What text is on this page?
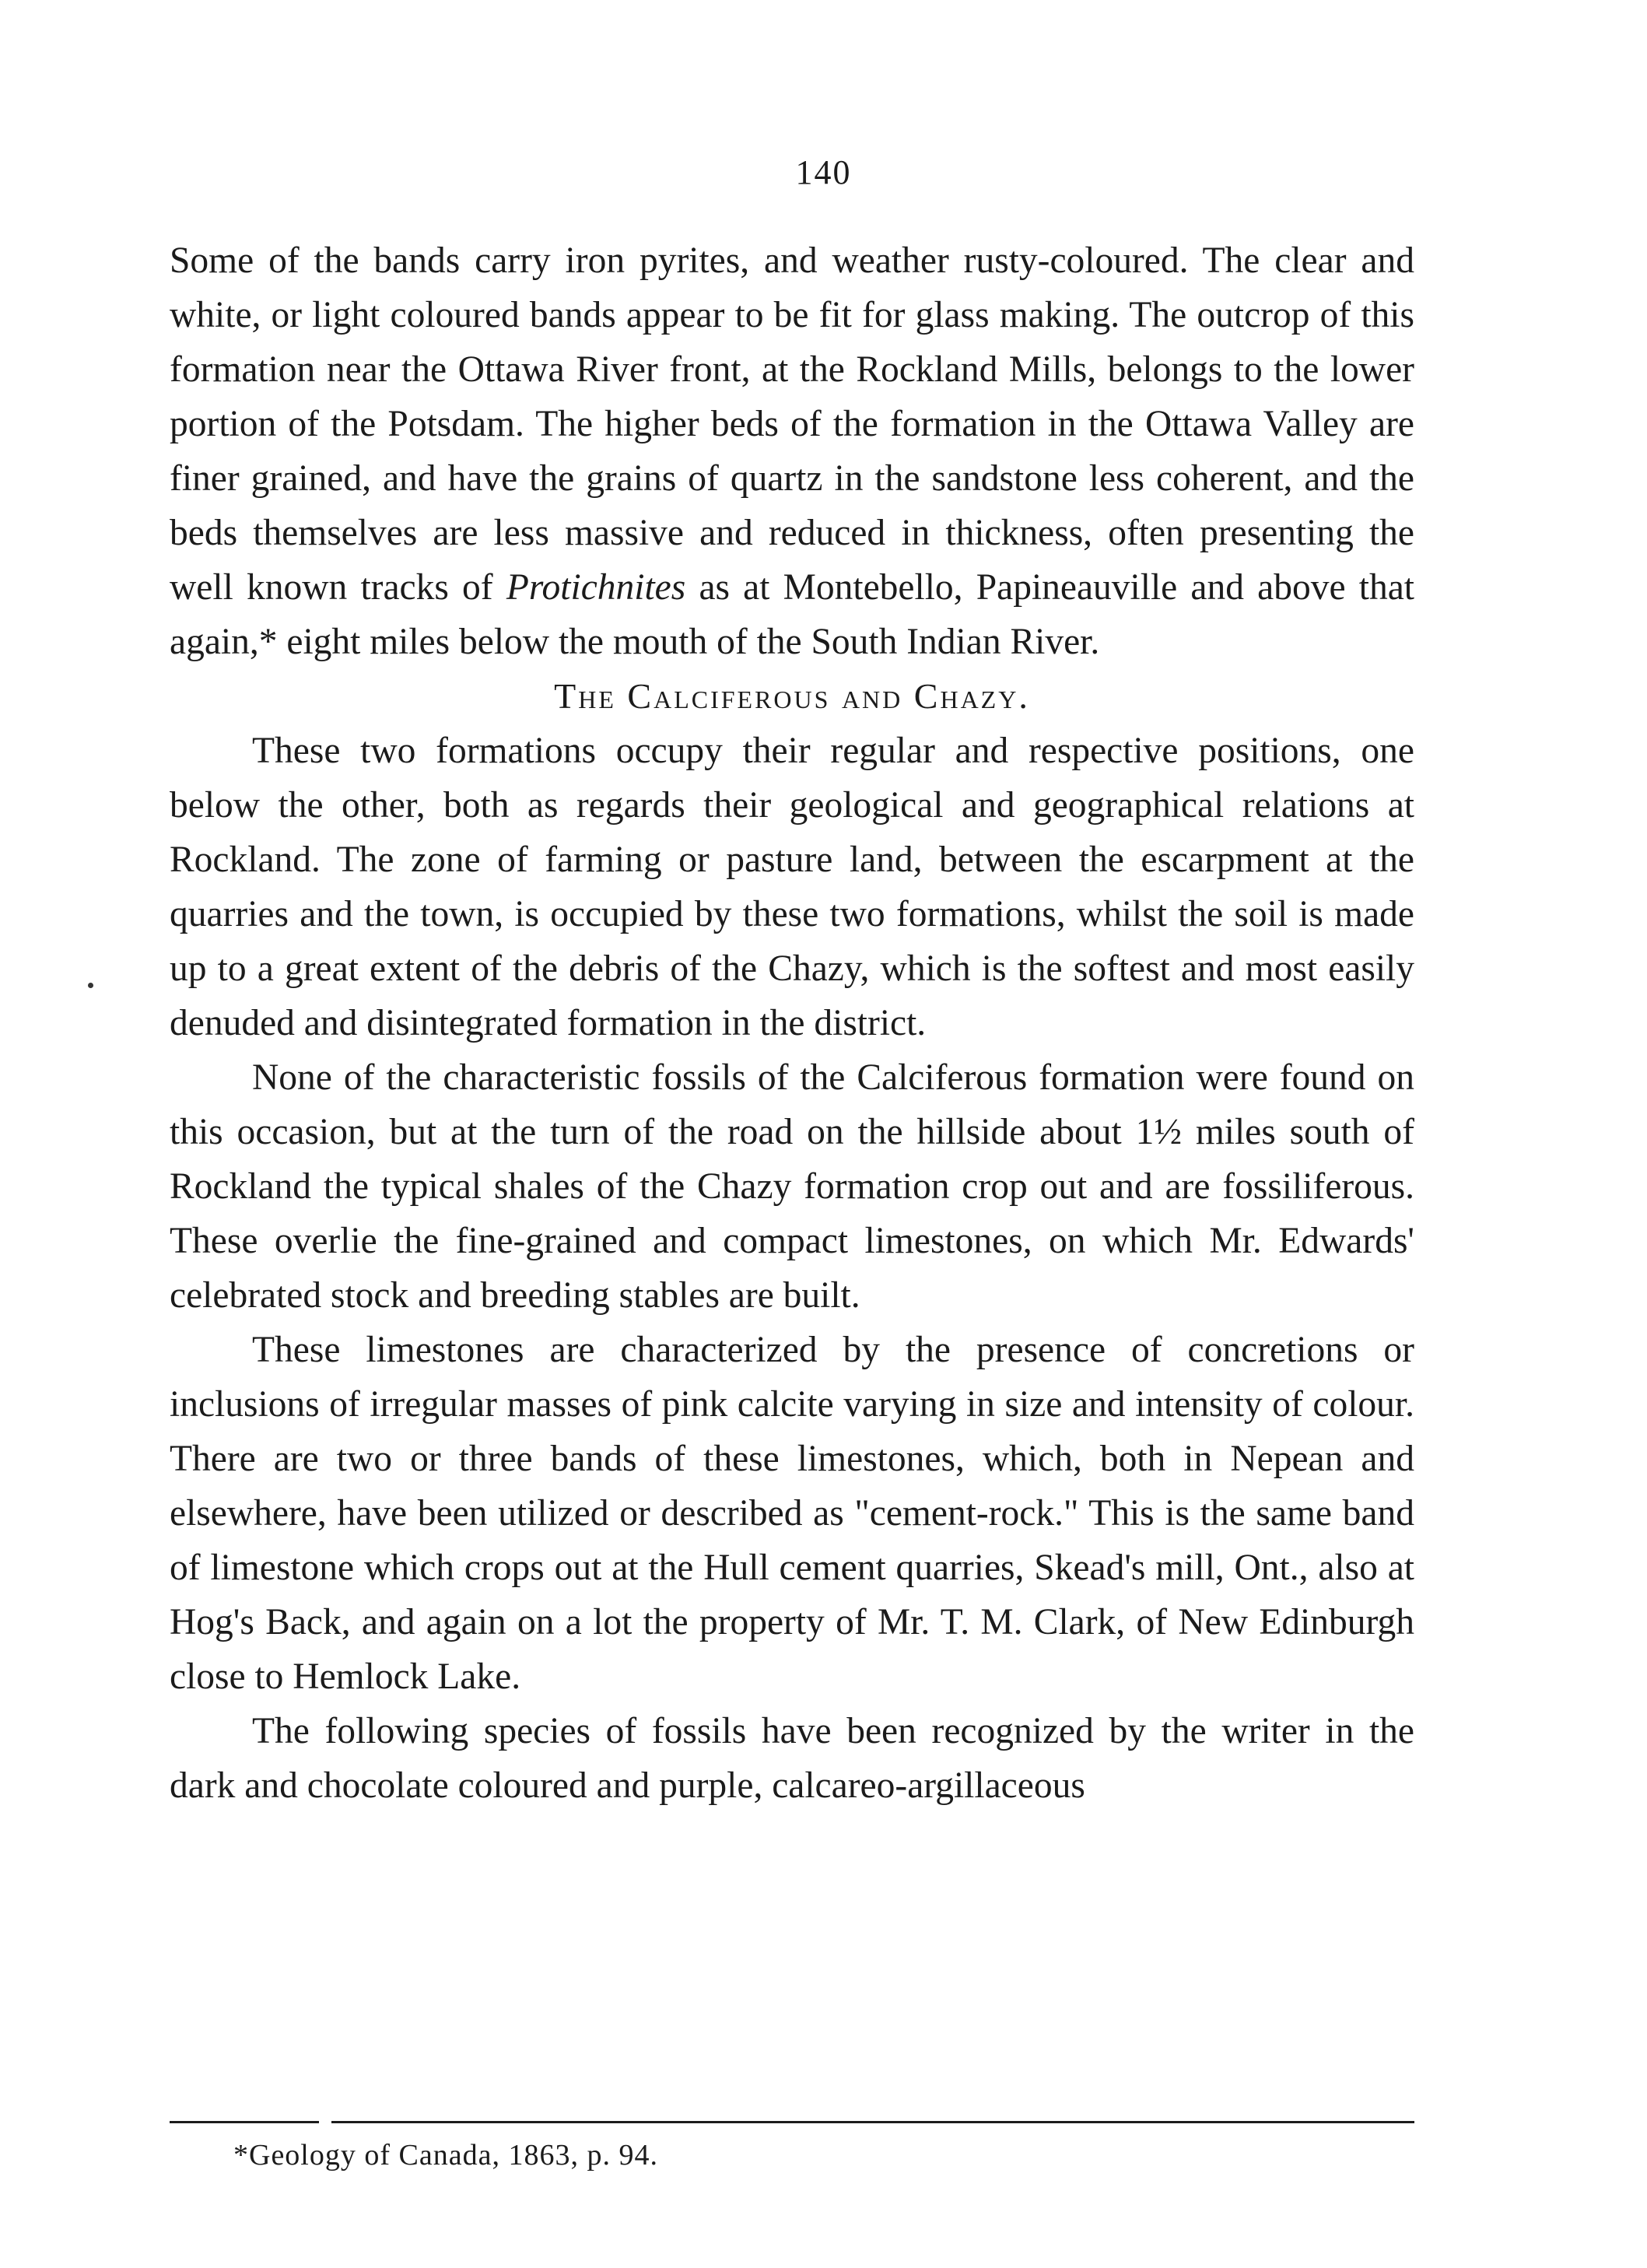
140

Some of the bands carry iron pyrites, and weather rusty-coloured. The clear and white, or light coloured bands appear to be fit for glass making. The outcrop of this formation near the Ottawa River front, at the Rockland Mills, belongs to the lower portion of the Potsdam. The higher beds of the formation in the Ottawa Valley are finer grained, and have the grains of quartz in the sandstone less coherent, and the beds themselves are less massive and reduced in thickness, often presenting the well known tracks of Protichnites as at Montebello, Papineauville and above that again,* eight miles below the mouth of the South Indian River.

The Calciferous and Chazy.

These two formations occupy their regular and respective positions, one below the other, both as regards their geological and geographical relations at Rockland. The zone of farming or pasture land, between the escarpment at the quarries and the town, is occupied by these two formations, whilst the soil is made up to a great extent of the debris of the Chazy, which is the softest and most easily denuded and disintegrated formation in the district.

None of the characteristic fossils of the Calciferous formation were found on this occasion, but at the turn of the road on the hillside about 1½ miles south of Rockland the typical shales of the Chazy formation crop out and are fossiliferous. These overlie the fine-grained and compact limestones, on which Mr. Edwards' celebrated stock and breeding stables are built.

These limestones are characterized by the presence of concretions or inclusions of irregular masses of pink calcite varying in size and intensity of colour. There are two or three bands of these limestones, which, both in Nepean and elsewhere, have been utilized or described as "cement-rock." This is the same band of limestone which crops out at the Hull cement quarries, Skead's mill, Ont., also at Hog's Back, and again on a lot the property of Mr. T. M. Clark, of New Edinburgh close to Hemlock Lake.

The following species of fossils have been recognized by the writer in the dark and chocolate coloured and purple, calcareo-argillaceous

*Geology of Canada, 1863, p. 94.
